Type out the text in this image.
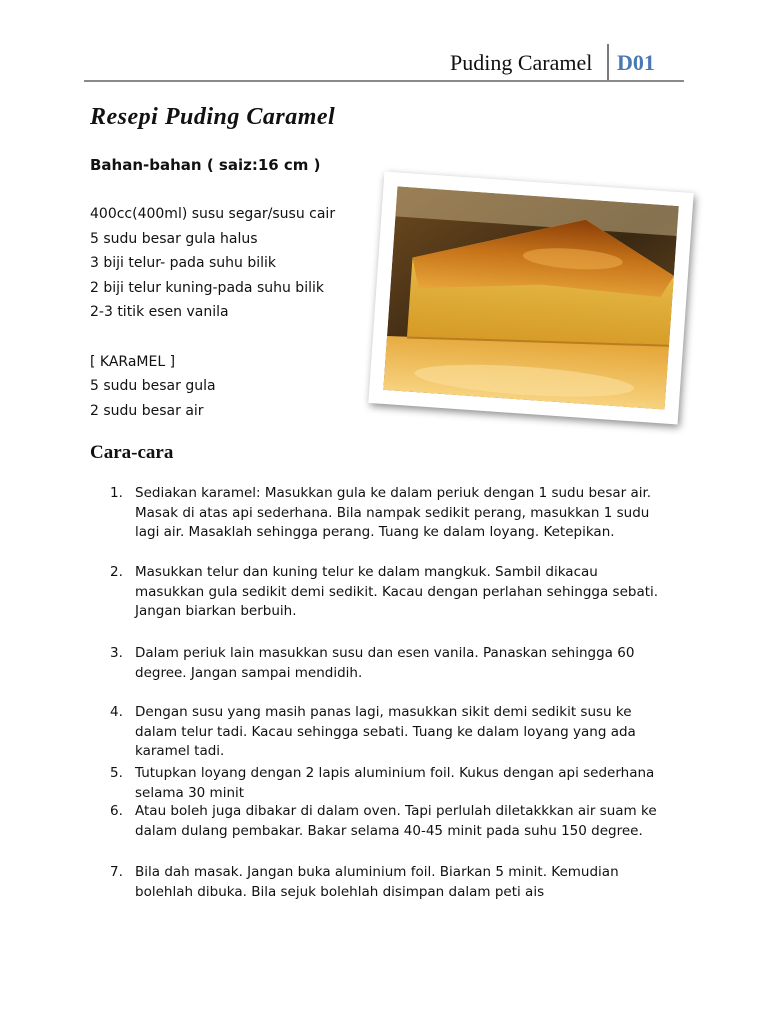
Puding Caramel D01
Resepi Puding Caramel
Bahan-bahan ( saiz:16 cm )
400cc(400ml) susu segar/susu cair
5 sudu besar gula halus
3 biji telur- pada suhu bilik
2 biji telur kuning-pada suhu bilik
2-3 titik esen vanila
[ KARaMEL ]
5 sudu besar gula
2 sudu besar air
Cara-cara
1. Sediakan karamel: Masukkan gula ke dalam periuk dengan 1 sudu besar air. Masak di atas api sederhana. Bila nampak sedikit perang, masukkan 1 sudu lagi air. Masaklah sehingga perang. Tuang ke dalam loyang. Ketepikan.
2. Masukkan telur dan kuning telur ke dalam mangkuk. Sambil dikacau masukkan gula sedikit demi sedikit. Kacau dengan perlahan sehingga sebati. Jangan biarkan berbuih.
3. Dalam periuk lain masukkan susu dan esen vanila. Panaskan sehingga 60 degree. Jangan sampai mendidih.
4. Dengan susu yang masih panas lagi, masukkan sikit demi sedikit susu ke dalam telur tadi. Kacau sehingga sebati. Tuang ke dalam loyang yang ada karamel tadi.
5. Tutupkan loyang dengan 2 lapis aluminium foil. Kukus dengan api sederhana selama 30 minit
6. Atau boleh juga dibakar di dalam oven. Tapi perlulah diletakkkan air suam ke dalam dulang pembakar. Bakar selama 40-45 minit pada suhu 150 degree.
7. Bila dah masak. Jangan buka aluminium foil. Biarkan 5 minit. Kemudian bolehlah dibuka. Bila sejuk bolehlah disimpan dalam peti ais
